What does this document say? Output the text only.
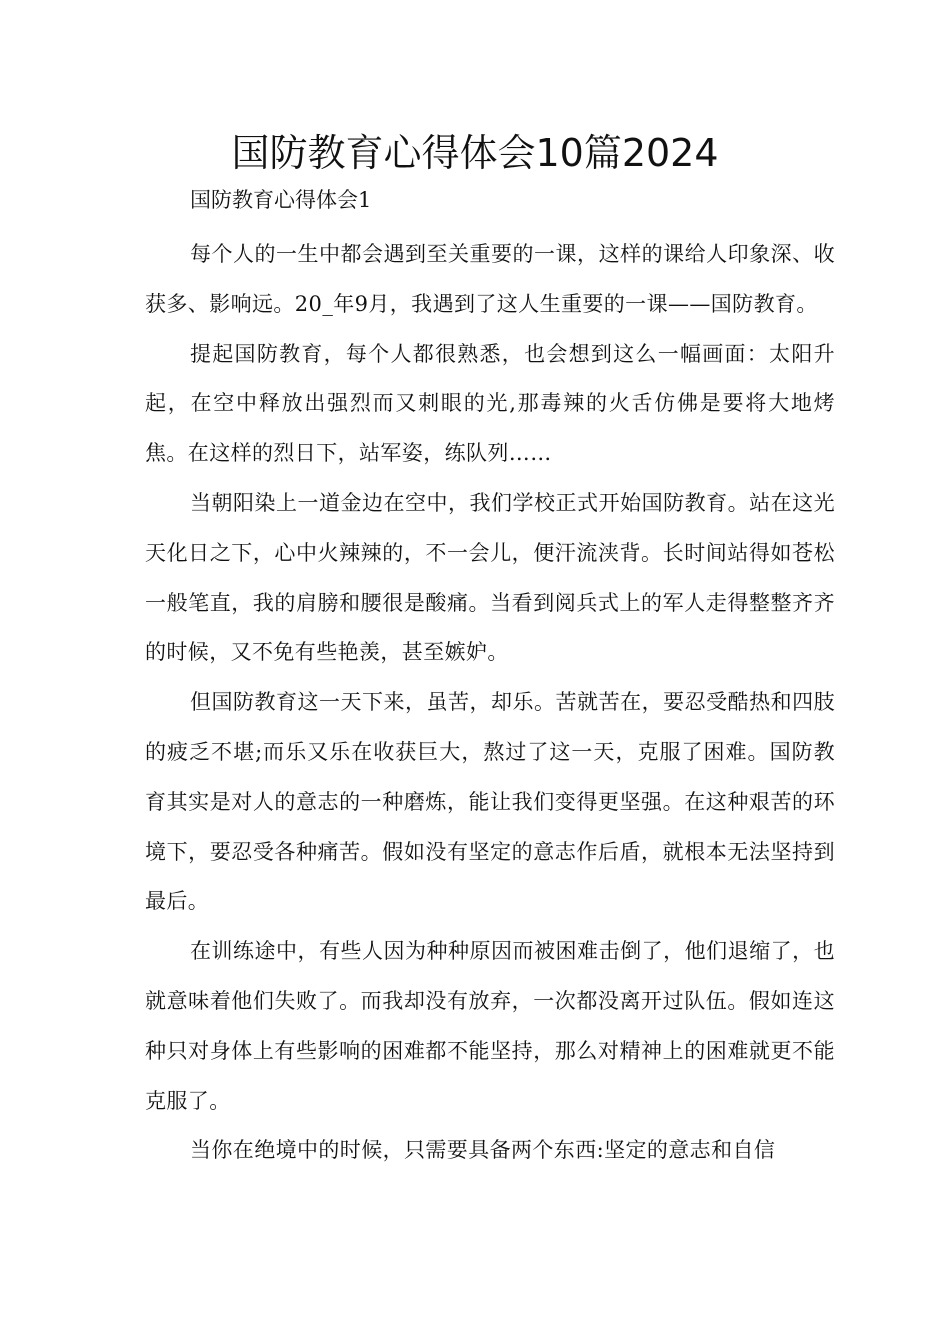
国防教育心得体会10篇2024

国防教育心得体会1

每个人的一生中都会遇到至关重要的一课，这样的课给人印象深、收获多、影响远。20_年9月，我遇到了这人生重要的一课——国防教育。

提起国防教育，每个人都很熟悉，也会想到这么一幅画面：太阳升起，在空中释放出强烈而又刺眼的光,那毒辣的火舌仿佛是要将大地烤焦。在这样的烈日下，站军姿，练队列……

当朝阳染上一道金边在空中，我们学校正式开始国防教育。站在这光天化日之下，心中火辣辣的，不一会儿，便汗流浃背。长时间站得如苍松一般笔直，我的肩膀和腰很是酸痛。当看到阅兵式上的军人走得整整齐齐的时候，又不免有些艳羡，甚至嫉妒。

但国防教育这一天下来，虽苦，却乐。苦就苦在，要忍受酷热和四肢的疲乏不堪;而乐又乐在收获巨大，熬过了这一天，克服了困难。国防教育其实是对人的意志的一种磨炼，能让我们变得更坚强。在这种艰苦的环境下，要忍受各种痛苦。假如没有坚定的意志作后盾，就根本无法坚持到最后。

在训练途中，有些人因为种种原因而被困难击倒了，他们退缩了，也就意味着他们失败了。而我却没有放弃，一次都没离开过队伍。假如连这种只对身体上有些影响的困难都不能坚持，那么对精神上的困难就更不能克服了。

当你在绝境中的时候，只需要具备两个东西:坚定的意志和自信
